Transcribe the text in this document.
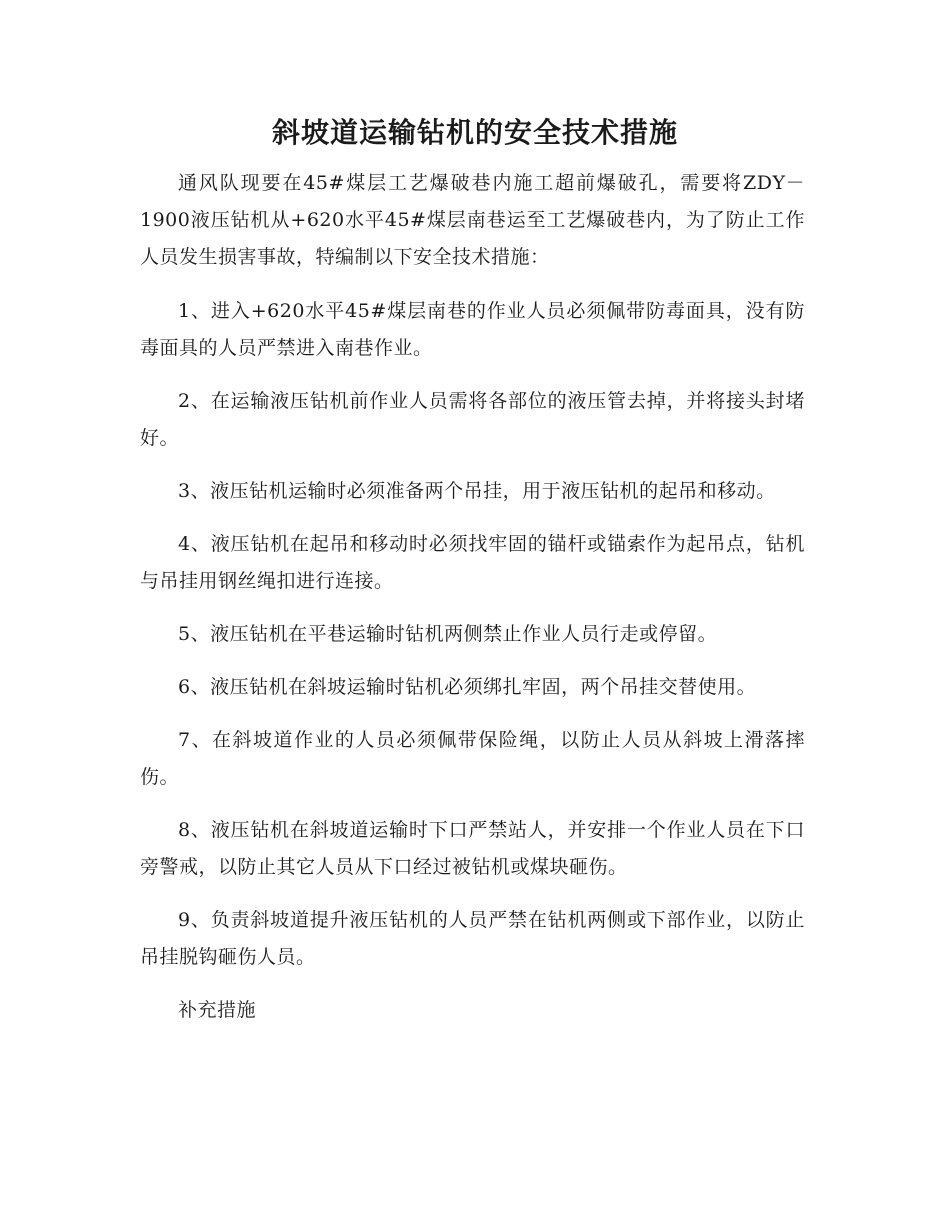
斜坡道运输钻机的安全技术措施

通风队现要在45#煤层工艺爆破巷内施工超前爆破孔，需要将ZDY－1900液压钻机从+620水平45#煤层南巷运至工艺爆破巷内，为了防止工作人员发生损害事故，特编制以下安全技术措施：

1、进入+620水平45#煤层南巷的作业人员必须佩带防毒面具，没有防毒面具的人员严禁进入南巷作业。

2、在运输液压钻机前作业人员需将各部位的液压管去掉，并将接头封堵好。

3、液压钻机运输时必须准备两个吊挂，用于液压钻机的起吊和移动。

4、液压钻机在起吊和移动时必须找牢固的锚杆或锚索作为起吊点，钻机与吊挂用钢丝绳扣进行连接。

5、液压钻机在平巷运输时钻机两侧禁止作业人员行走或停留。

6、液压钻机在斜坡运输时钻机必须绑扎牢固，两个吊挂交替使用。

7、在斜坡道作业的人员必须佩带保险绳，以防止人员从斜坡上滑落摔伤。

8、液压钻机在斜坡道运输时下口严禁站人，并安排一个作业人员在下口旁警戒，以防止其它人员从下口经过被钻机或煤块砸伤。

9、负责斜坡道提升液压钻机的人员严禁在钻机两侧或下部作业，以防止吊挂脱钩砸伤人员。

补充措施
